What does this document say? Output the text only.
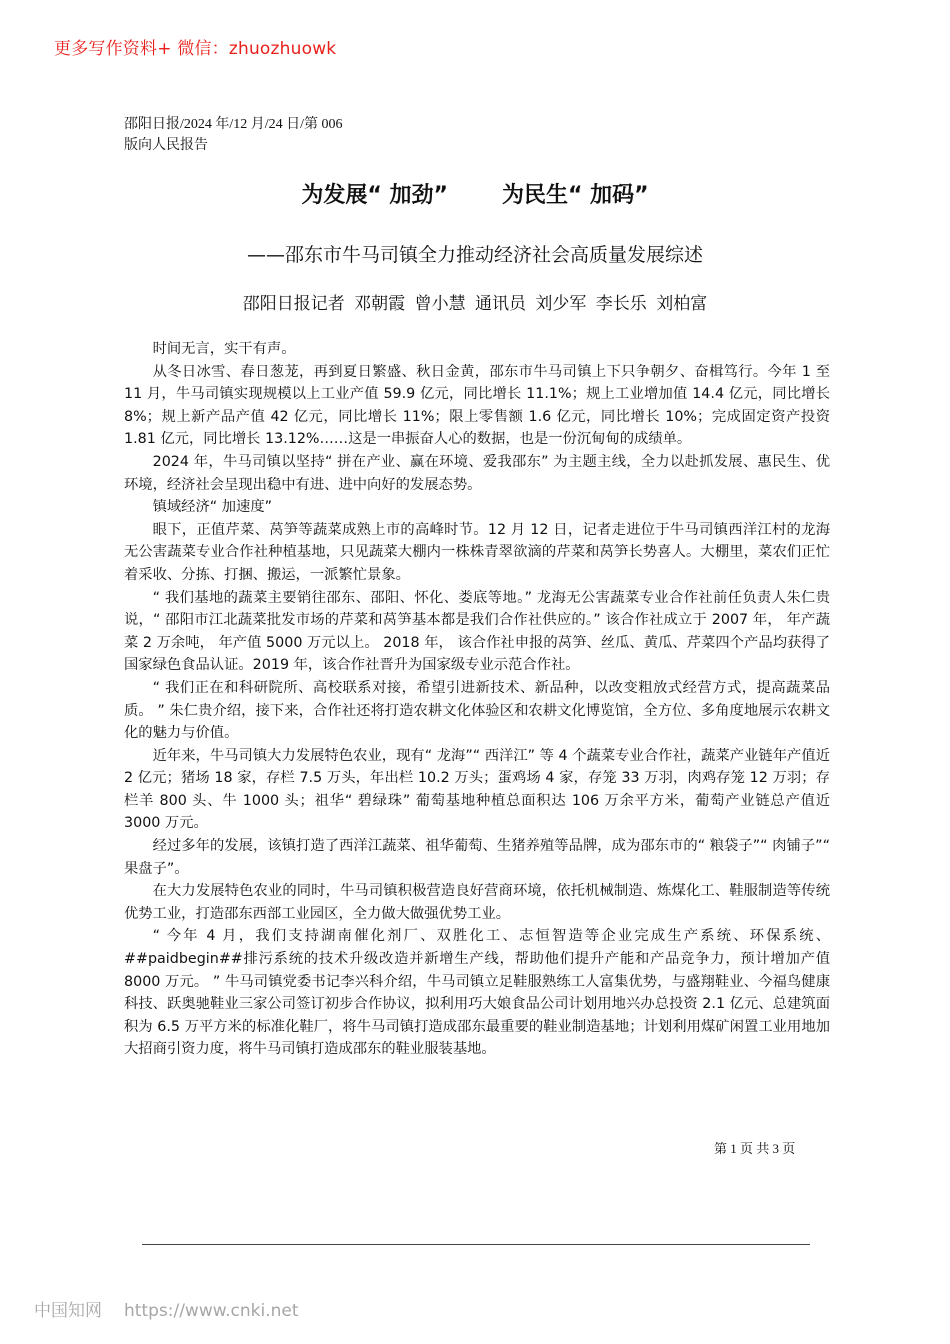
更多写作资料+ 微信：zhuozhuowk
邵阳日报/2024 年/12 月/24 日/第 006
版向人民报告
为发展“ 加劲” 为民生“ 加码”
——邵东市牛马司镇全力推动经济社会高质量发展综述
邵阳日报记者 邓朝霞 曾小慧 通讯员 刘少军 李长乐 刘柏富

时间无言，实干有声。

从冬日冰雪、春日葱茏，再到夏日繁盛、秋日金黄，邵东市牛马司镇上下只争朝夕、奋楫笃行。今年 1 至 11 月，牛马司镇实现规模以上工业产值 59.9 亿元，同比增长 11.1%；规上工业增加值 14.4 亿元，同比增长 8%；规上新产品产值 42 亿元，同比增长 11%；限上零售额 1.6 亿元，同比增长 10%；完成固定资产投资 1.81 亿元，同比增长 13.12%……这是一串振奋人心的数据，也是一份沉甸甸的成绩单。

2024 年，牛马司镇以坚持“ 拼在产业、赢在环境、爱我邵东” 为主题主线，全力以赴抓发展、惠民生、优环境，经济社会呈现出稳中有进、进中向好的发展态势。

镇域经济“ 加速度”

眼下，正值芹菜、莴笋等蔬菜成熟上市的高峰时节。12 月 12 日，记者走进位于牛马司镇西洋江村的龙海无公害蔬菜专业合作社种植基地，只见蔬菜大棚内一株株青翠欲滴的芹菜和莴笋长势喜人。大棚里，菜农们正忙着采收、分拣、打捆、搬运，一派繁忙景象。

“ 我们基地的蔬菜主要销往邵东、邵阳、怀化、娄底等地。” 龙海无公害蔬菜专业合作社前任负责人朱仁贵说，“ 邵阳市江北蔬菜批发市场的芹菜和莴笋基本都是我们合作社供应的。” 该合作社成立于 2007 年， 年产蔬菜 2 万余吨， 年产值 5000 万元以上。 2018 年， 该合作社申报的莴笋、丝瓜、黄瓜、芹菜四个产品均获得了国家绿色食品认证。2019 年，该合作社晋升为国家级专业示范合作社。

“ 我们正在和科研院所、高校联系对接，希望引进新技术、新品种，以改变粗放式经营方式，提高蔬菜品质。 ” 朱仁贵介绍，接下来，合作社还将打造农耕文化体验区和农耕文化博览馆，全方位、多角度地展示农耕文化的魅力与价值。

近年来，牛马司镇大力发展特色农业，现有“ 龙海”“ 西洋江” 等 4 个蔬菜专业合作社，蔬菜产业链年产值近 2 亿元；猪场 18 家，存栏 7.5 万头，年出栏 10.2 万头；蛋鸡场 4 家，存笼 33 万羽，肉鸡存笼 12 万羽；存栏羊 800 头、牛 1000 头；祖华“ 碧绿珠” 葡萄基地种植总面积达 106 万余平方米，葡萄产业链总产值近 3000 万元。

经过多年的发展，该镇打造了西洋江蔬菜、祖华葡萄、生猪养殖等品牌，成为邵东市的“ 粮袋子”“ 肉铺子”“ 果盘子”。

在大力发展特色农业的同时，牛马司镇积极营造良好营商环境，依托机械制造、炼煤化工、鞋服制造等传统优势工业，打造邵东西部工业园区，全力做大做强优势工业。

“ 今年 4 月，我们支持湖南催化剂厂、双胜化工、志恒智造等企业完成生产系统、环保系统、##paidbegin##排污系统的技术升级改造并新增生产线，帮助他们提升产能和产品竞争力，预计增加产值 8000 万元。 ” 牛马司镇党委书记李兴科介绍，牛马司镇立足鞋服熟练工人富集优势，与盛翔鞋业、今福鸟健康科技、跃奥驰鞋业三家公司签订初步合作协议，拟利用巧大娘食品公司计划用地兴办总投资 2.1 亿元、总建筑面积为 6.5 万平方米的标准化鞋厂，将牛马司镇打造成邵东最重要的鞋业制造基地；计划利用煤矿闲置工业用地加大招商引资力度，将牛马司镇打造成邵东的鞋业服装基地。

第 1 页 共 3 页
中国知网 https://www.cnki.net
